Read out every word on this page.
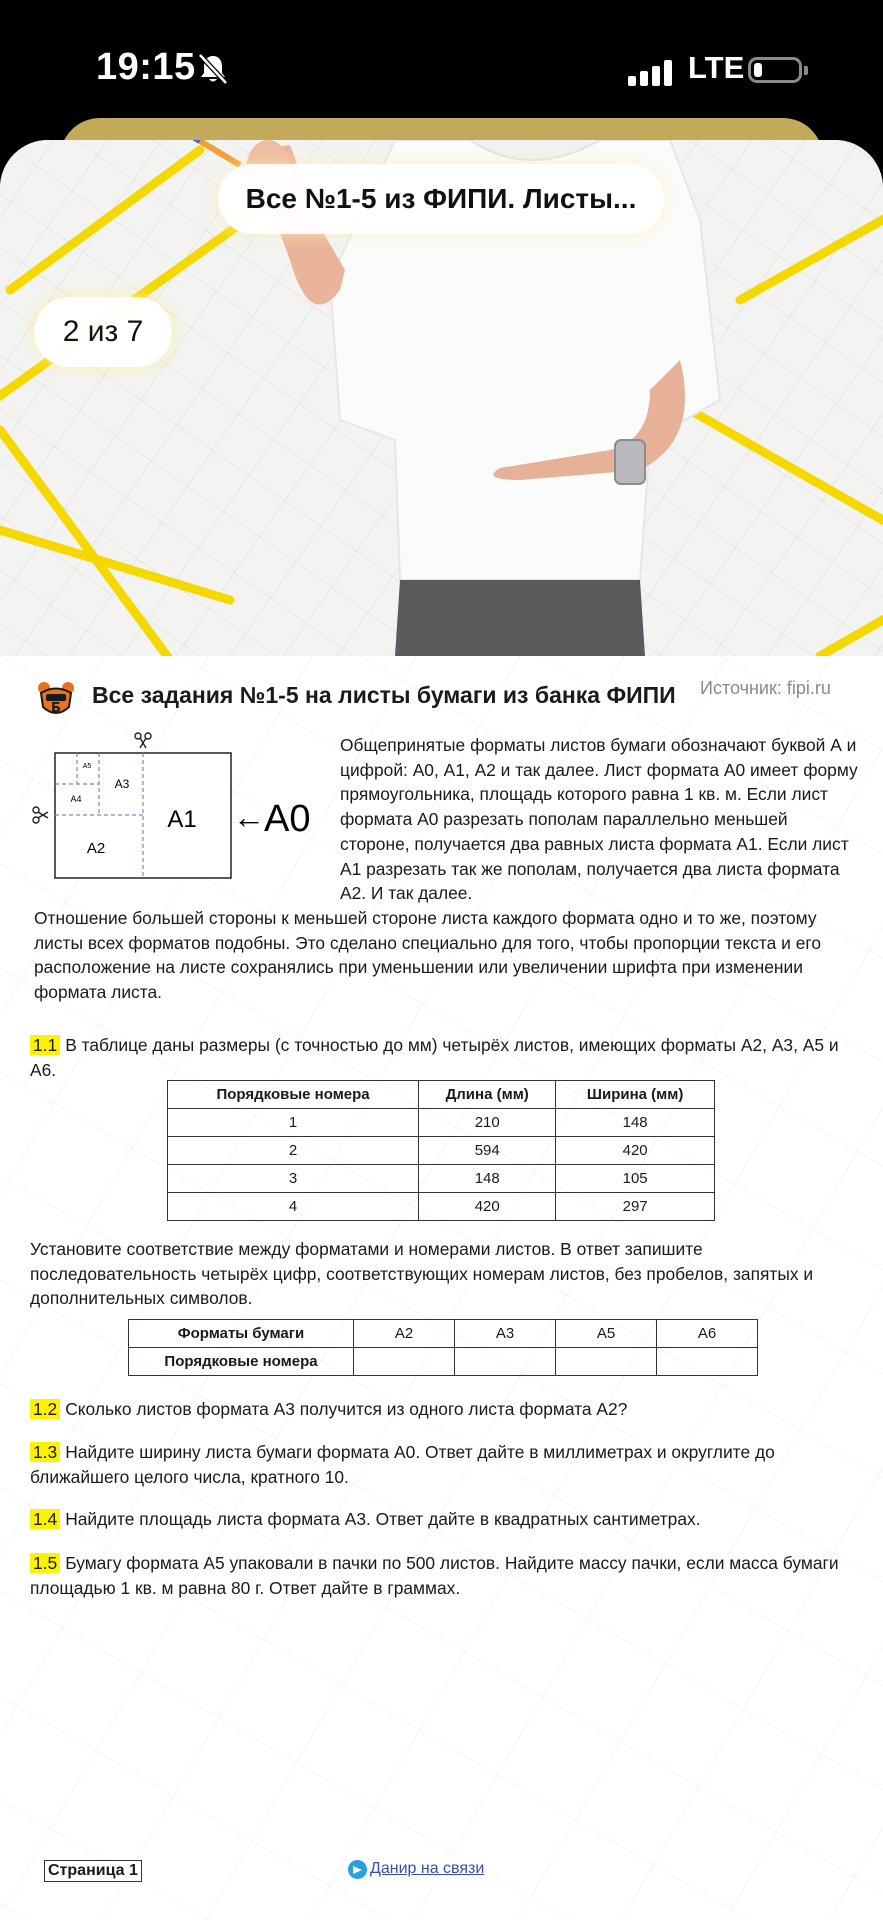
19:15	LTE
Все №1-5 из ФИПИ. Листы...
2 из 7
Б
Все задания №1-5 на листы бумаги из банка ФИПИ Источник: fipi.ru
A5
A4
A3
A2
A1 ← A0
Общепринятые форматы листов бумаги обозначают буквой А и цифрой: А0, А1, А2 и так далее. Лист формата А0 имеет форму прямоугольника, площадь которого равна 1 кв. м. Если лист формата А0 разрезать пополам параллельно меньшей стороне, получается два равных листа формата А1. Если лист А1 разрезать так же пополам, получается два листа формата А2. И так далее.
Отношение большей стороны к меньшей стороне листа каждого формата одно и то же, поэтому листы всех форматов подобны. Это сделано специально для того, чтобы пропорции текста и его расположение на листе сохранялись при уменьшении или увеличении шрифта при изменении формата листа.
1.1 В таблице даны размеры (с точностью до мм) четырёх листов, имеющих форматы А2, А3, А5 и А6.
Порядковые номера	Длина (мм)	Ширина (мм)
1	210	148
2	594	420
3	148	105
4	420	297
Установите соответствие между форматами и номерами листов. В ответ запишите последовательность четырёх цифр, соответствующих номерам листов, без пробелов, запятых и дополнительных символов.
Форматы бумаги	А2	А3	А5	А6
Порядковые номера				
1.2 Сколько листов формата А3 получится из одного листа формата А2?
1.3 Найдите ширину листа бумаги формата А0. Ответ дайте в миллиметрах и округлите до ближайшего целого числа, кратного 10.
1.4 Найдите площадь листа формата А3. Ответ дайте в квадратных сантиметрах.
1.5 Бумагу формата А5 упаковали в пачки по 500 листов. Найдите массу пачки, если масса бумаги площадью 1 кв. м равна 80 г. Ответ дайте в граммах.
Страница 1	Данир на связи
